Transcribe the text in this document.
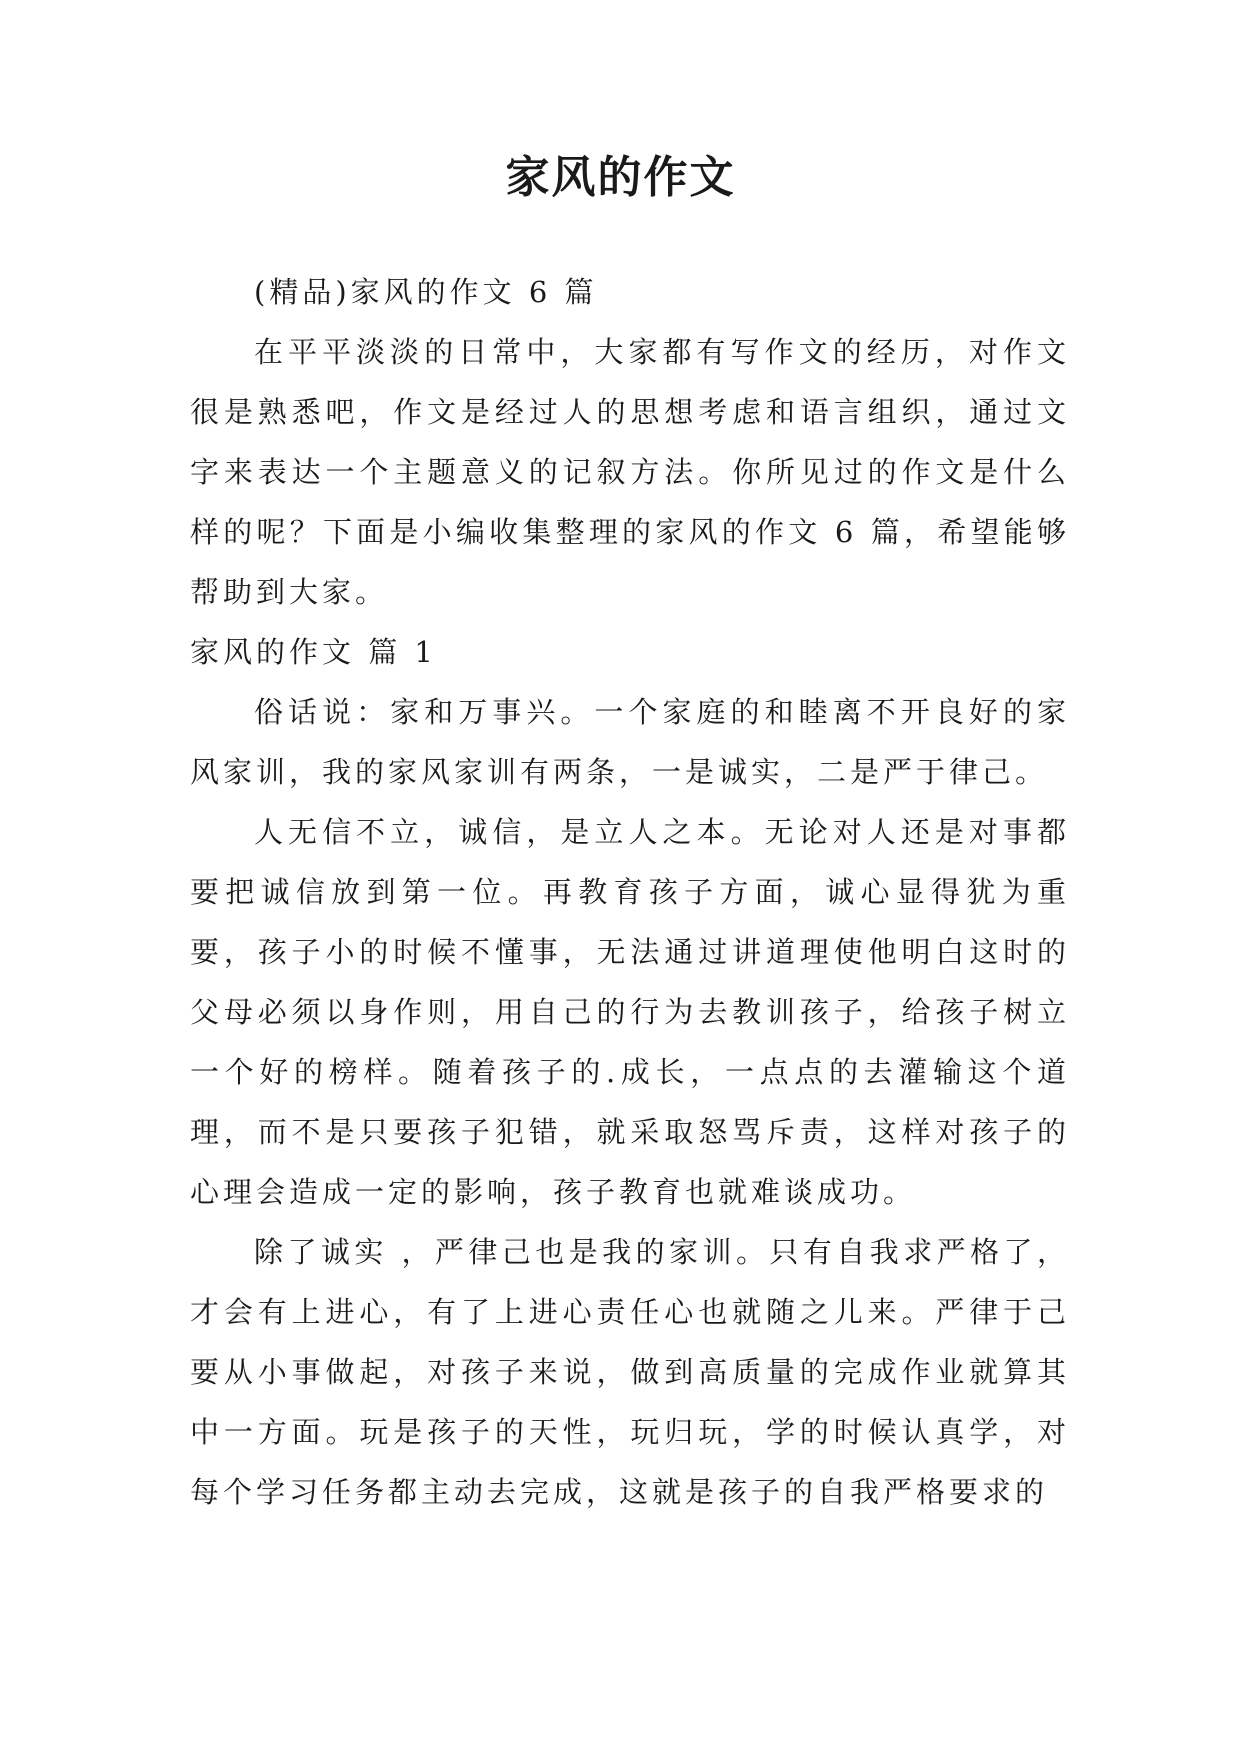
家风的作文

(精品)家风的作文 6 篇

在平平淡淡的日常中，大家都有写作文的经历，对作文很是熟悉吧，作文是经过人的思想考虑和语言组织，通过文字来表达一个主题意义的记叙方法。你所见过的作文是什么样的呢？下面是小编收集整理的家风的作文 6 篇，希望能够帮助到大家。

家风的作文 篇 1

俗话说：家和万事兴。一个家庭的和睦离不开良好的家风家训，我的家风家训有两条，一是诚实，二是严于律己。

人无信不立，诚信，是立人之本。无论对人还是对事都要把诚信放到第一位。再教育孩子方面，诚心显得犹为重要，孩子小的时候不懂事，无法通过讲道理使他明白这时的父母必须以身作则，用自己的行为去教训孩子，给孩子树立一个好的榜样。随着孩子的.成长，一点点的去灌输这个道理，而不是只要孩子犯错，就采取怒骂斥责，这样对孩子的心理会造成一定的影响，孩子教育也就难谈成功。

除了诚实 ，严律己也是我的家训。只有自我求严格了，才会有上进心，有了上进心责任心也就随之儿来。严律于己要从小事做起，对孩子来说，做到高质量的完成作业就算其中一方面。玩是孩子的天性，玩归玩，学的时候认真学，对每个学习任务都主动去完成，这就是孩子的自我严格要求的
